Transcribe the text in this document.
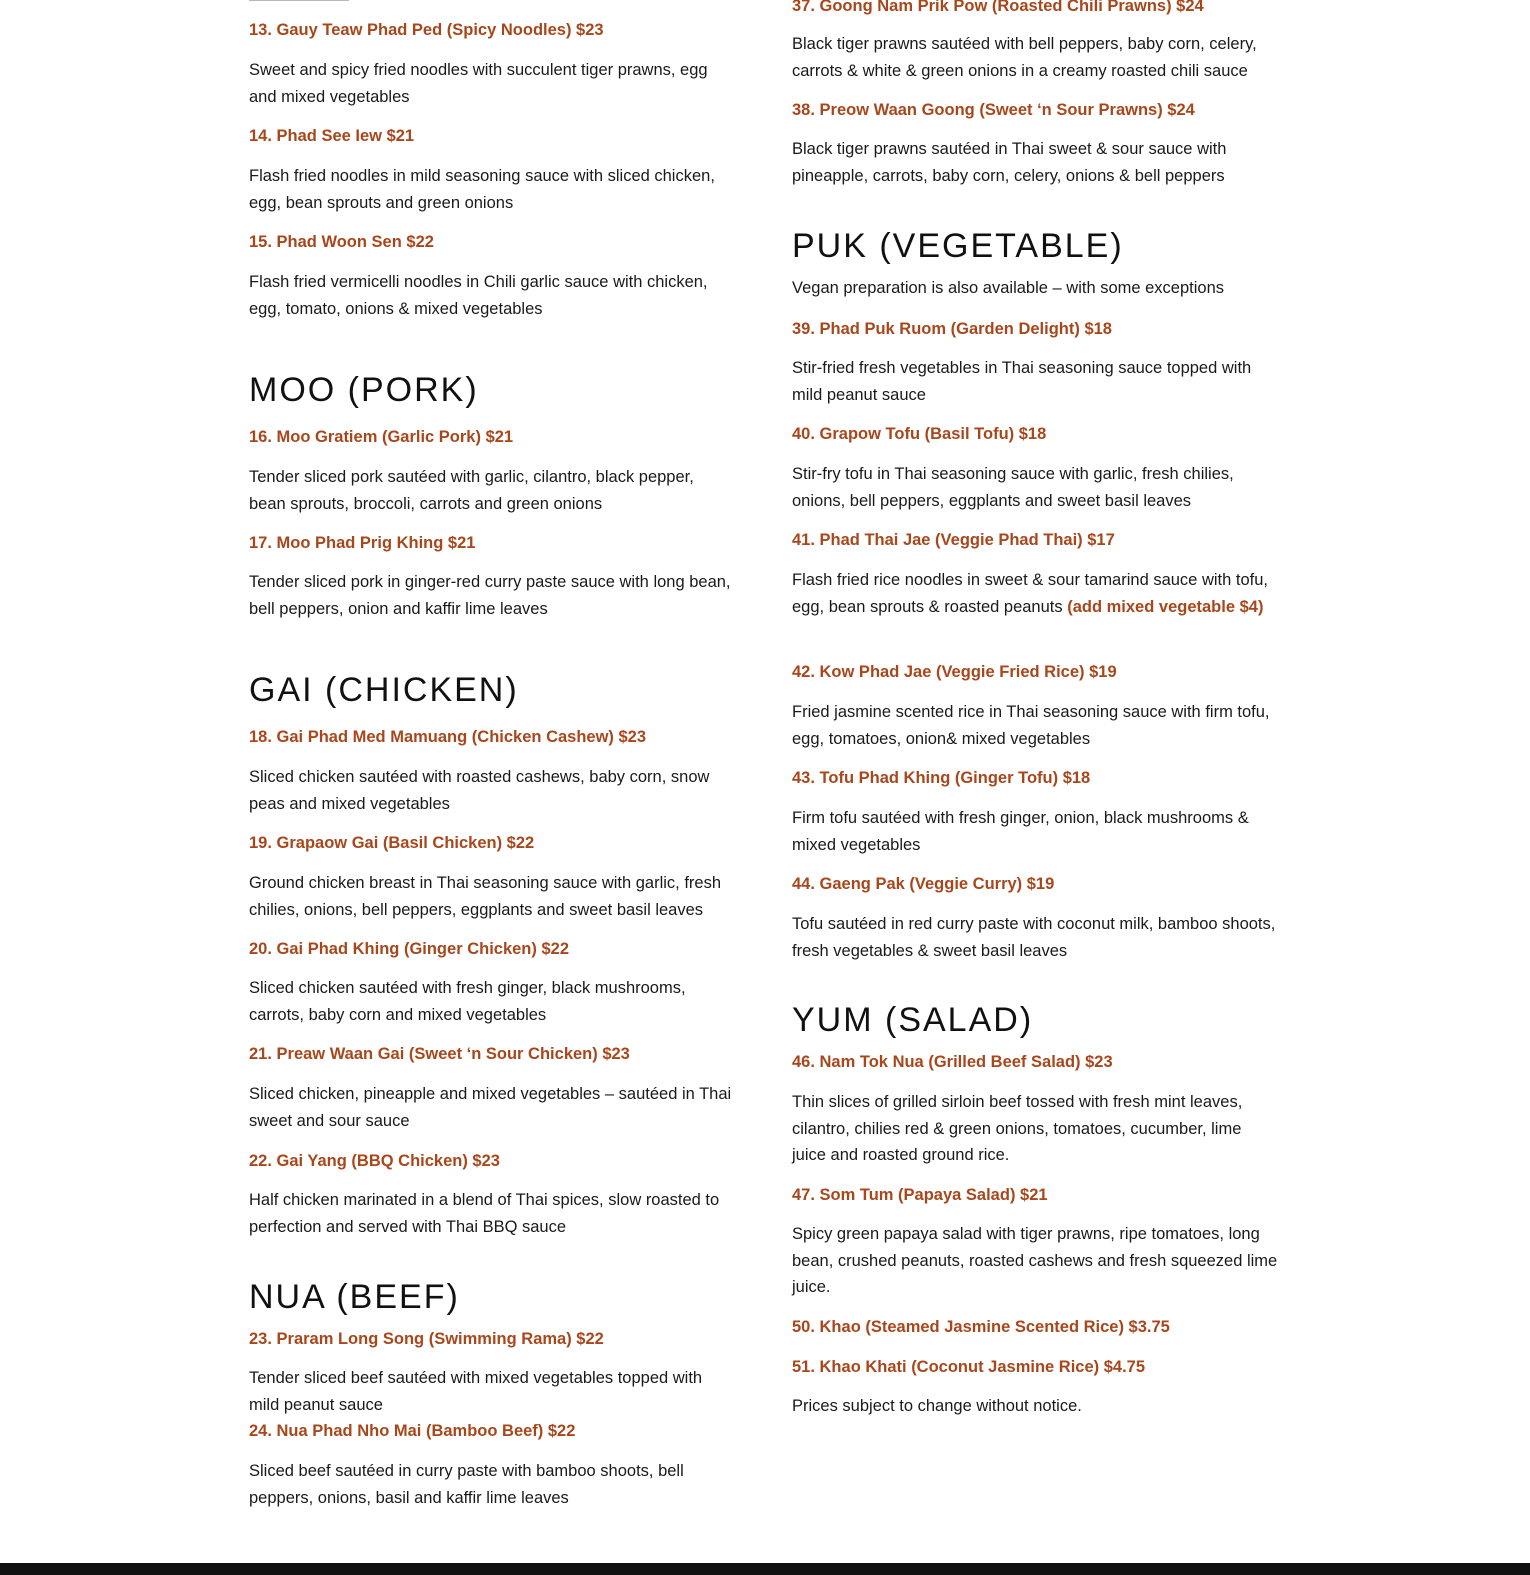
13. Gauy Teaw Phad Ped (Spicy Noodles) $23
Sweet and spicy fried noodles with succulent tiger prawns, egg and mixed vegetables
14. Phad See Iew $21
Flash fried noodles in mild seasoning sauce with sliced chicken, egg, bean sprouts and green onions
15. Phad Woon Sen $22
Flash fried vermicelli noodles in Chili garlic sauce with chicken, egg, tomato, onions & mixed vegetables
MOO (PORK)
16. Moo Gratiem (Garlic Pork) $21
Tender sliced pork sautéed with garlic, cilantro, black pepper, bean sprouts, broccoli, carrots and green onions
17. Moo Phad Prig Khing $21
Tender sliced pork in ginger-red curry paste sauce with long bean, bell peppers, onion and kaffir lime leaves
GAI (CHICKEN)
18. Gai Phad Med Mamuang (Chicken Cashew) $23
Sliced chicken sautéed with roasted cashews, baby corn, snow peas and mixed vegetables
19. Grapaow Gai (Basil Chicken) $22
Ground chicken breast in Thai seasoning sauce with garlic, fresh chilies, onions, bell peppers, eggplants and sweet basil leaves
20. Gai Phad Khing (Ginger Chicken) $22
Sliced chicken sautéed with fresh ginger, black mushrooms, carrots, baby corn and mixed vegetables
21. Preaw Waan Gai (Sweet ‘n Sour Chicken) $23
Sliced chicken, pineapple and mixed vegetables – sautéed in Thai sweet and sour sauce
22. Gai Yang (BBQ Chicken) $23
Half chicken marinated in a blend of Thai spices, slow roasted to perfection and served with Thai BBQ sauce
NUA (BEEF)
23. Praram Long Song (Swimming Rama) $22
Tender sliced beef sautéed with mixed vegetables topped with mild peanut sauce
24. Nua Phad Nho Mai (Bamboo Beef) $22
Sliced beef sautéed in curry paste with bamboo shoots, bell peppers, onions, basil and kaffir lime leaves
37. Goong Nam Prik Pow (Roasted Chili Prawns) $24
Black tiger prawns sautéed with bell peppers, baby corn, celery, carrots & white & green onions in a creamy roasted chili sauce
38. Preow Waan Goong (Sweet ‘n Sour Prawns) $24
Black tiger prawns sautéed in Thai sweet & sour sauce with pineapple, carrots, baby corn, celery, onions & bell peppers
PUK (VEGETABLE)
Vegan preparation is also available – with some exceptions
39. Phad Puk Ruom (Garden Delight) $18
Stir-fried fresh vegetables in Thai seasoning sauce topped with mild peanut sauce
40. Grapow Tofu (Basil Tofu) $18
Stir-fry tofu in Thai seasoning sauce with garlic, fresh chilies, onions, bell peppers, eggplants and sweet basil leaves
41. Phad Thai Jae (Veggie Phad Thai) $17
Flash fried rice noodles in sweet & sour tamarind sauce with tofu, egg, bean sprouts & roasted peanuts (add mixed vegetable $4)
42. Kow Phad Jae (Veggie Fried Rice) $19
Fried jasmine scented rice in Thai seasoning sauce with firm tofu, egg, tomatoes, onion& mixed vegetables
43. Tofu Phad Khing (Ginger Tofu) $18
Firm tofu sautéed with fresh ginger, onion, black mushrooms & mixed vegetables
44. Gaeng Pak (Veggie Curry) $19
Tofu sautéed in red curry paste with coconut milk, bamboo shoots, fresh vegetables & sweet basil leaves
YUM (SALAD)
46. Nam Tok Nua (Grilled Beef Salad) $23
Thin slices of grilled sirloin beef tossed with fresh mint leaves, cilantro, chilies red & green onions, tomatoes, cucumber, lime juice and roasted ground rice.
47. Som Tum (Papaya Salad) $21
Spicy green papaya salad with tiger prawns, ripe tomatoes, long bean, crushed peanuts, roasted cashews and fresh squeezed lime juice.
50. Khao (Steamed Jasmine Scented Rice) $3.75
51. Khao Khati (Coconut Jasmine Rice) $4.75
Prices subject to change without notice.
